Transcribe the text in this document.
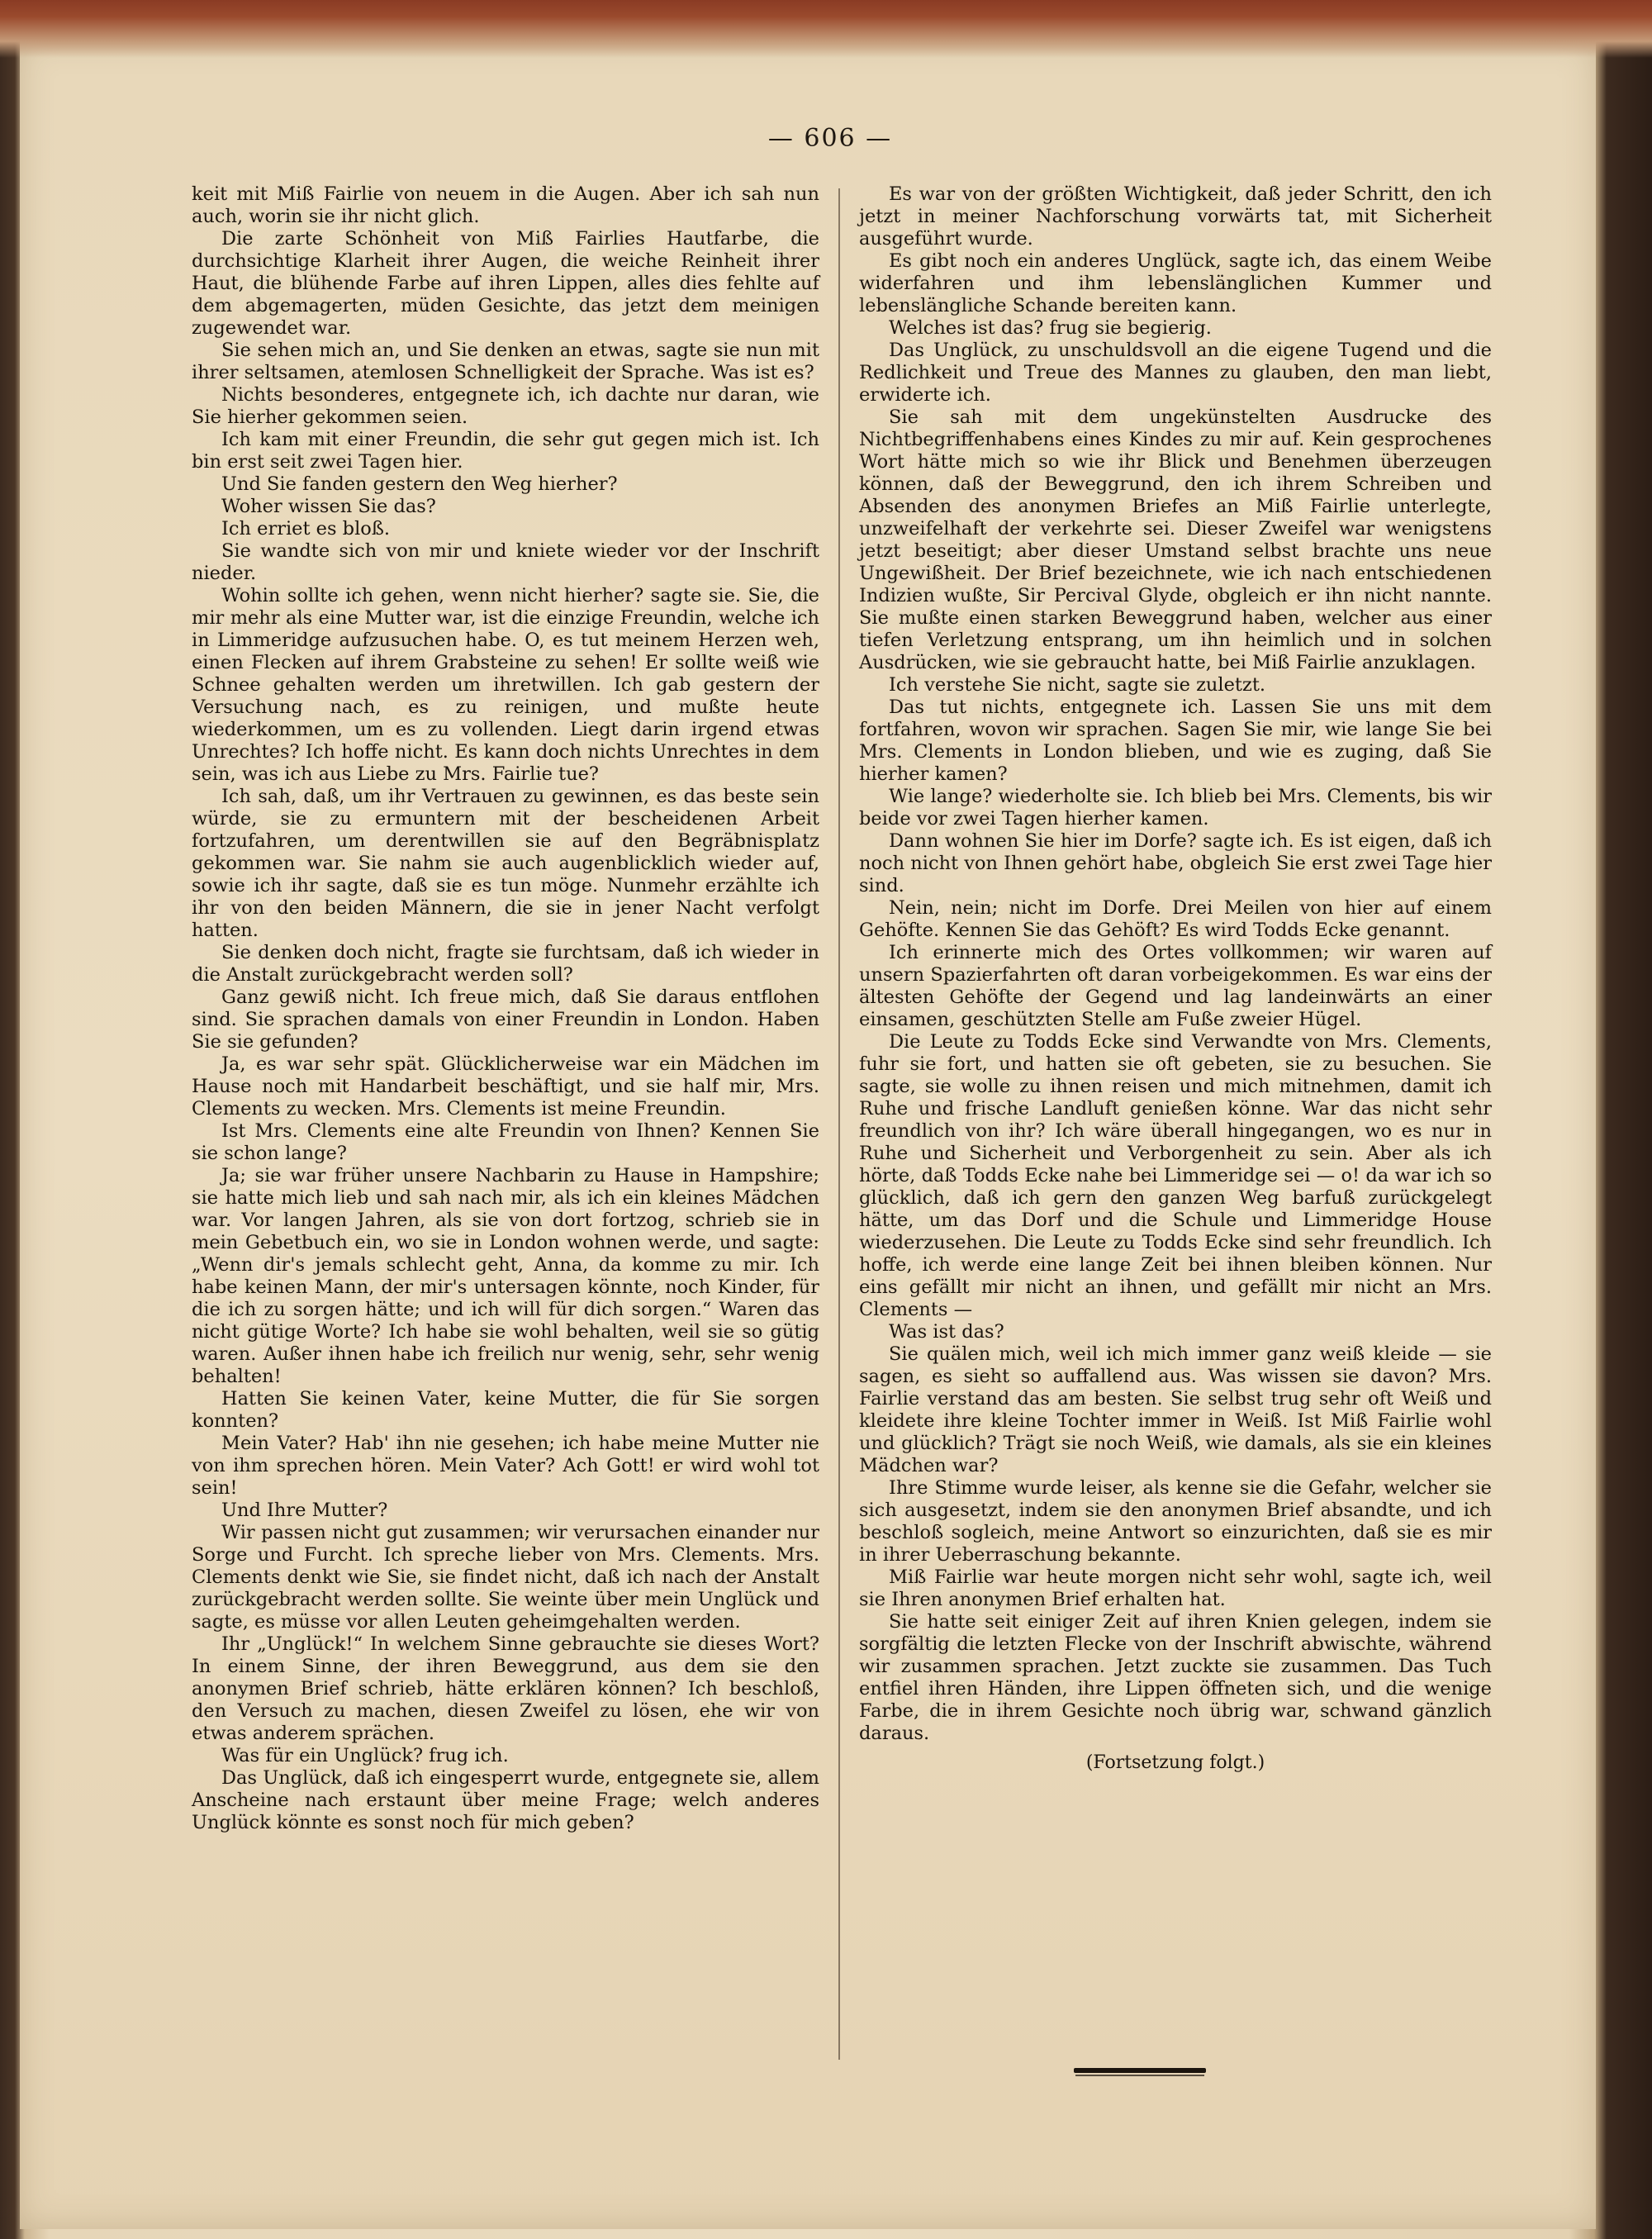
— 606 —

keit mit Miß Fairlie von neuem in die Augen. Aber ich sah nun auch, worin sie ihr nicht glich.

Die zarte Schönheit von Miß Fairlies Hautfarbe, die durchsichtige Klarheit ihrer Augen, die weiche Reinheit ihrer Haut, die blühende Farbe auf ihren Lippen, alles dies fehlte auf dem abgemagerten, müden Gesichte, das jetzt dem meinigen zugewendet war.

Sie sehen mich an, und Sie denken an etwas, sagte sie nun mit ihrer seltsamen, atemlosen Schnelligkeit der Sprache. Was ist es?

Nichts besonderes, entgegnete ich, ich dachte nur daran, wie Sie hierher gekommen seien.

Ich kam mit einer Freundin, die sehr gut gegen mich ist. Ich bin erst seit zwei Tagen hier.

Und Sie fanden gestern den Weg hierher?

Woher wissen Sie das?

Ich erriet es bloß.

Sie wandte sich von mir und kniete wieder vor der Inschrift nieder.

Wohin sollte ich gehen, wenn nicht hierher? sagte sie. Sie, die mir mehr als eine Mutter war, ist die einzige Freundin, welche ich in Limmeridge aufzusuchen habe. O, es tut meinem Herzen weh, einen Flecken auf ihrem Grabsteine zu sehen! Er sollte weiß wie Schnee gehalten werden um ihretwillen. Ich gab gestern der Versuchung nach, es zu reinigen, und mußte heute wiederkommen, um es zu vollenden. Liegt darin irgend etwas Unrechtes? Ich hoffe nicht. Es kann doch nichts Unrechtes in dem sein, was ich aus Liebe zu Mrs. Fairlie tue?

Ich sah, daß, um ihr Vertrauen zu gewinnen, es das beste sein würde, sie zu ermuntern mit der bescheidenen Arbeit fortzufahren, um derentwillen sie auf den Begräbnisplatz gekommen war. Sie nahm sie auch augenblicklich wieder auf, sowie ich ihr sagte, daß sie es tun möge. Nunmehr erzählte ich ihr von den beiden Männern, die sie in jener Nacht verfolgt hatten.

Sie denken doch nicht, fragte sie furchtsam, daß ich wieder in die Anstalt zurückgebracht werden soll?

Ganz gewiß nicht. Ich freue mich, daß Sie daraus entflohen sind. Sie sprachen damals von einer Freundin in London. Haben Sie sie gefunden?

Ja, es war sehr spät. Glücklicherweise war ein Mädchen im Hause noch mit Handarbeit beschäftigt, und sie half mir, Mrs. Clements zu wecken. Mrs. Clements ist meine Freundin.

Ist Mrs. Clements eine alte Freundin von Ihnen? Kennen Sie sie schon lange?

Ja; sie war früher unsere Nachbarin zu Hause in Hampshire; sie hatte mich lieb und sah nach mir, als ich ein kleines Mädchen war. Vor langen Jahren, als sie von dort fortzog, schrieb sie in mein Gebetbuch ein, wo sie in London wohnen werde, und sagte: „Wenn dir's jemals schlecht geht, Anna, da komme zu mir. Ich habe keinen Mann, der mir's untersagen könnte, noch Kinder, für die ich zu sorgen hätte; und ich will für dich sorgen.“ Waren das nicht gütige Worte? Ich habe sie wohl behalten, weil sie so gütig waren. Außer ihnen habe ich freilich nur wenig, sehr, sehr wenig behalten!

Hatten Sie keinen Vater, keine Mutter, die für Sie sorgen konnten?

Mein Vater? Hab' ihn nie gesehen; ich habe meine Mutter nie von ihm sprechen hören. Mein Vater? Ach Gott! er wird wohl tot sein!

Und Ihre Mutter?

Wir passen nicht gut zusammen; wir verursachen einander nur Sorge und Furcht. Ich spreche lieber von Mrs. Clements. Mrs. Clements denkt wie Sie, sie findet nicht, daß ich nach der Anstalt zurückgebracht werden sollte. Sie weinte über mein Unglück und sagte, es müsse vor allen Leuten geheimgehalten werden.

Ihr „Unglück!“ In welchem Sinne gebrauchte sie dieses Wort? In einem Sinne, der ihren Beweggrund, aus dem sie den anonymen Brief schrieb, hätte erklären können? Ich beschloß, den Versuch zu machen, diesen Zweifel zu lösen, ehe wir von etwas anderem sprächen.

Was für ein Unglück? frug ich.

Das Unglück, daß ich eingesperrt wurde, entgegnete sie, allem Anscheine nach erstaunt über meine Frage; welch anderes Unglück könnte es sonst noch für mich geben?

Es war von der größten Wichtigkeit, daß jeder Schritt, den ich jetzt in meiner Nachforschung vorwärts tat, mit Sicherheit ausgeführt wurde.

Es gibt noch ein anderes Unglück, sagte ich, das einem Weibe widerfahren und ihm lebenslänglichen Kummer und lebenslängliche Schande bereiten kann.

Welches ist das? frug sie begierig.

Das Unglück, zu unschuldsvoll an die eigene Tugend und die Redlichkeit und Treue des Mannes zu glauben, den man liebt, erwiderte ich.

Sie sah mit dem ungekünstelten Ausdrucke des Nichtbegriffenhabens eines Kindes zu mir auf. Kein gesprochenes Wort hätte mich so wie ihr Blick und Benehmen überzeugen können, daß der Beweggrund, den ich ihrem Schreiben und Absenden des anonymen Briefes an Miß Fairlie unterlegte, unzweifelhaft der verkehrte sei. Dieser Zweifel war wenigstens jetzt beseitigt; aber dieser Umstand selbst brachte uns neue Ungewißheit. Der Brief bezeichnete, wie ich nach entschiedenen Indizien wußte, Sir Percival Glyde, obgleich er ihn nicht nannte. Sie mußte einen starken Beweggrund haben, welcher aus einer tiefen Verletzung entsprang, um ihn heimlich und in solchen Ausdrücken, wie sie gebraucht hatte, bei Miß Fairlie anzuklagen.

Ich verstehe Sie nicht, sagte sie zuletzt.

Das tut nichts, entgegnete ich. Lassen Sie uns mit dem fortfahren, wovon wir sprachen. Sagen Sie mir, wie lange Sie bei Mrs. Clements in London blieben, und wie es zuging, daß Sie hierher kamen?

Wie lange? wiederholte sie. Ich blieb bei Mrs. Clements, bis wir beide vor zwei Tagen hierher kamen.

Dann wohnen Sie hier im Dorfe? sagte ich. Es ist eigen, daß ich noch nicht von Ihnen gehört habe, obgleich Sie erst zwei Tage hier sind.

Nein, nein; nicht im Dorfe. Drei Meilen von hier auf einem Gehöfte. Kennen Sie das Gehöft? Es wird Todds Ecke genannt.

Ich erinnerte mich des Ortes vollkommen; wir waren auf unsern Spazierfahrten oft daran vorbeigekommen. Es war eins der ältesten Gehöfte der Gegend und lag landeinwärts an einer einsamen, geschützten Stelle am Fuße zweier Hügel.

Die Leute zu Todds Ecke sind Verwandte von Mrs. Clements, fuhr sie fort, und hatten sie oft gebeten, sie zu besuchen. Sie sagte, sie wolle zu ihnen reisen und mich mitnehmen, damit ich Ruhe und frische Landluft genießen könne. War das nicht sehr freundlich von ihr? Ich wäre überall hingegangen, wo es nur in Ruhe und Sicherheit und Verborgenheit zu sein. Aber als ich hörte, daß Todds Ecke nahe bei Limmeridge sei — o! da war ich so glücklich, daß ich gern den ganzen Weg barfuß zurückgelegt hätte, um das Dorf und die Schule und Limmeridge House wiederzusehen. Die Leute zu Todds Ecke sind sehr freundlich. Ich hoffe, ich werde eine lange Zeit bei ihnen bleiben können. Nur eins gefällt mir nicht an ihnen, und gefällt mir nicht an Mrs. Clements —

Was ist das?

Sie quälen mich, weil ich mich immer ganz weiß kleide — sie sagen, es sieht so auffallend aus. Was wissen sie davon? Mrs. Fairlie verstand das am besten. Sie selbst trug sehr oft Weiß und kleidete ihre kleine Tochter immer in Weiß. Ist Miß Fairlie wohl und glücklich? Trägt sie noch Weiß, wie damals, als sie ein kleines Mädchen war?

Ihre Stimme wurde leiser, als kenne sie die Gefahr, welcher sie sich ausgesetzt, indem sie den anonymen Brief absandte, und ich beschloß sogleich, meine Antwort so einzurichten, daß sie es mir in ihrer Ueberraschung bekannte.

Miß Fairlie war heute morgen nicht sehr wohl, sagte ich, weil sie Ihren anonymen Brief erhalten hat.

Sie hatte seit einiger Zeit auf ihren Knien gelegen, indem sie sorgfältig die letzten Flecke von der Inschrift abwischte, während wir zusammen sprachen. Jetzt zuckte sie zusammen. Das Tuch entfiel ihren Händen, ihre Lippen öffneten sich, und die wenige Farbe, die in ihrem Gesichte noch übrig war, schwand gänzlich daraus.

(Fortsetzung folgt.)
